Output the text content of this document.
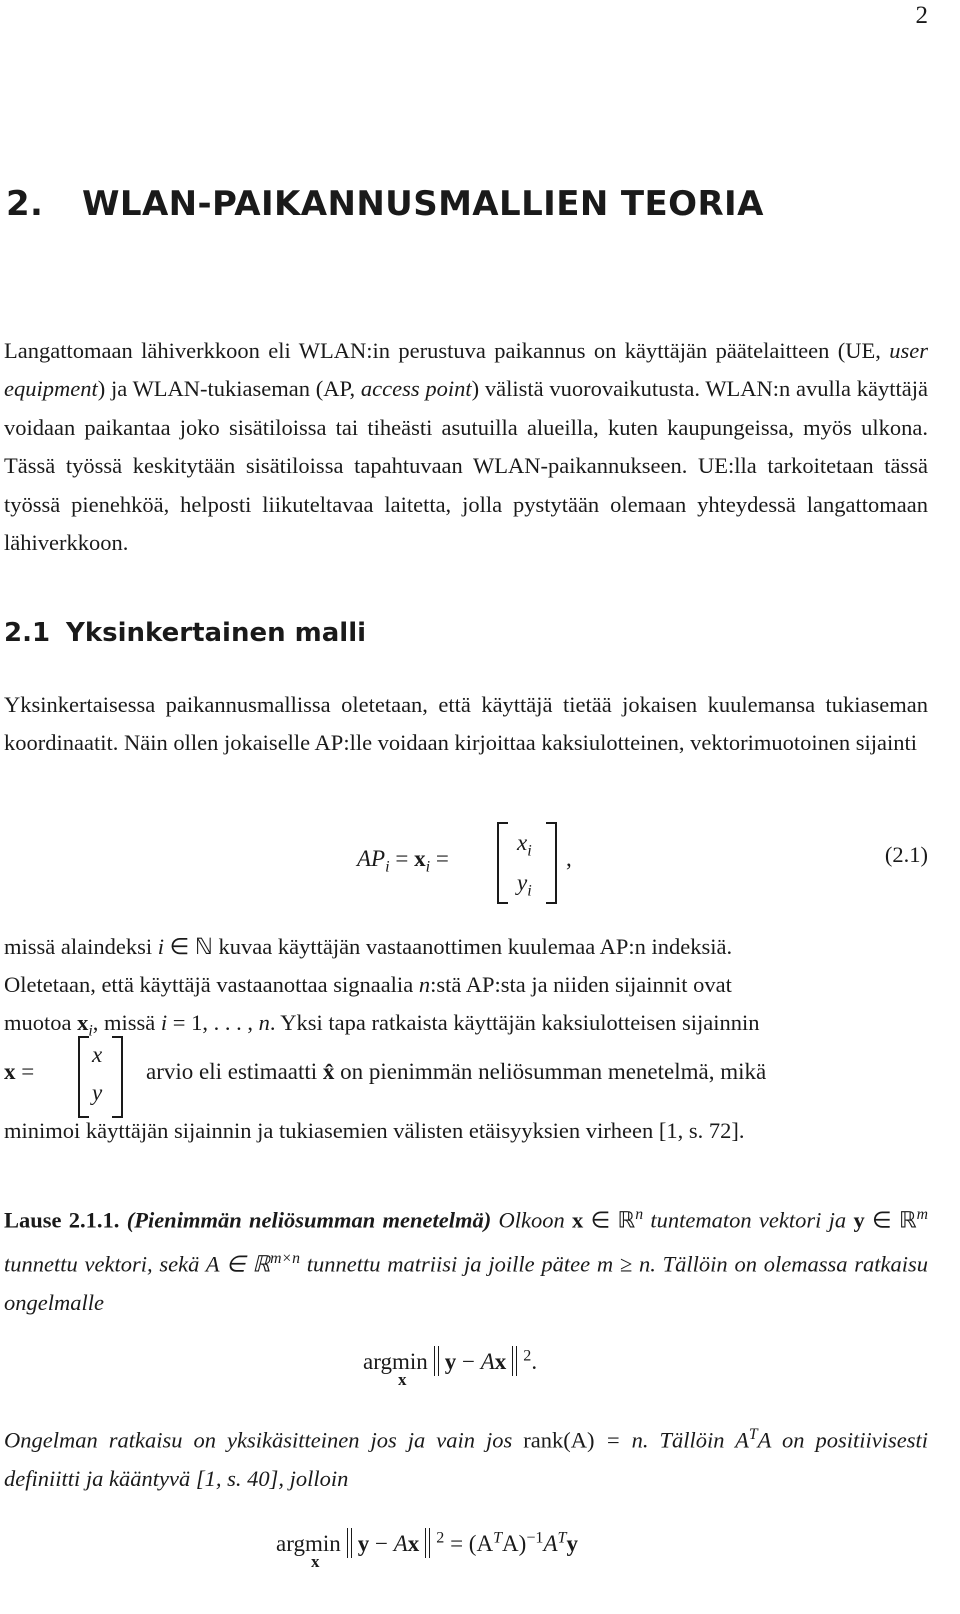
2
2. WLAN-PAIKANNUSMALLIEN TEORIA

Langattomaan lähiverkkoon eli WLAN:in perustuva paikannus on käyttäjän päätelaitteen (UE, user equipment) ja WLAN-tukiaseman (AP, access point) välistä vuorovaikutusta. WLAN:n avulla käyttäjä voidaan paikantaa joko sisätiloissa tai tiheästi asutuilla alueilla, kuten kaupungeissa, myös ulkona. Tässä työssä keskitytään sisätiloissa tapahtuvaan WLAN-paikannukseen. UE:lla tarkoitetaan tässä työssä pienehköä, helposti liikuteltavaa laitetta, jolla pystytään olemaan yhteydessä langattomaan lähiverkkoon.

2.1 Yksinkertainen malli

Yksinkertaisessa paikannusmallissa oletetaan, että käyttäjä tietää jokaisen kuulemansa tukiaseman koordinaatit. Näin ollen jokaiselle AP:lle voidaan kirjoittaa kaksiulotteinen, vektorimuotoinen sijainti

$AP_i = x_i$ =
$x_i$
$y_i$
,	(2.1)

missä alaindeksi i ∈ ℕ kuvaa käyttäjän vastaanottimen kuulemaa AP:n indeksiä.

Oletetaan, että käyttäjä vastaanottaa signaalia n:stä AP:sta ja niiden sijainnit ovat

muotoa $x_i$, missä i = 1, . . . , n. Yksi tapa ratkaista käyttäjän kaksiulotteisen sijainnin

x =
x
y
arvio eli estimaatti x̂ on pienimmän neliösumman menetelmä, mikä

minimoi käyttäjän sijainnin ja tukiasemien välisten etäisyyksien virheen [1, s. 72].

Lause 2.1.1. (Pienimmän neliösumman menetelmä) Olkoon x ∈ ℝ$^n$ tuntematon vektori ja y ∈ ℝ$^m$ tunnettu vektori, sekä A ∈ ℝ$^{m\times n}$ tunnettu matriisi ja joille pätee m ≥ n. Tällöin on olemassa ratkaisu ongelmalle

argmin y − Ax $^2$.
x

Ongelman ratkaisu on yksikäsitteinen jos ja vain jos rank(A) = n. Tällöin $A^TA$ on positiivisesti definiitti ja kääntyvä [1, s. 40], jolloin

argmin y − Ax $^2 = (A^TA)^{-1}A^Ty$
x
